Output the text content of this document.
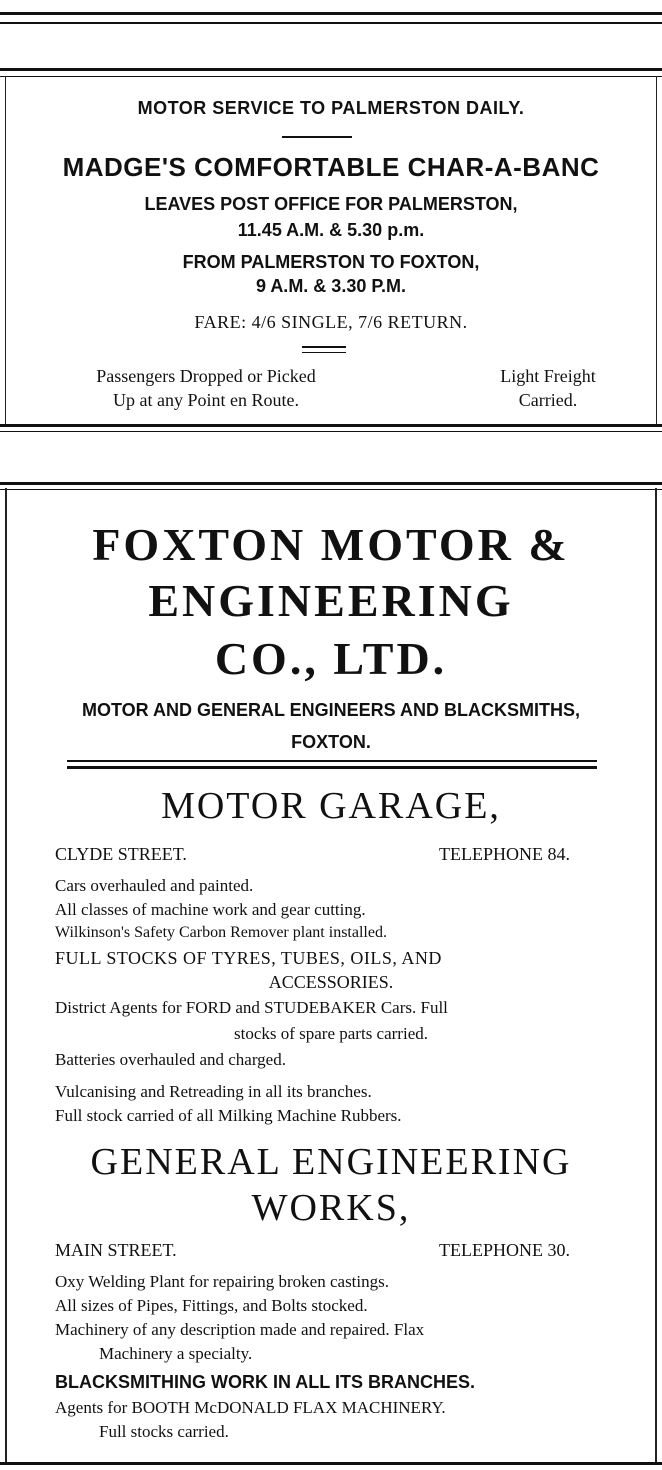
MOTOR SERVICE TO PALMERSTON DAILY.
MADGE'S COMFORTABLE CHAR-A-BANC
LEAVES POST OFFICE FOR PALMERSTON,
11.45 A.M. & 5.30 p.m.
FROM PALMERSTON TO FOXTON,
9 A.M. & 3.30 P.M.
FARE: 4/6 SINGLE, 7/6 RETURN.
Passengers Dropped or Picked
Up at any Point en Route.
Light Freight
Carried.
FOXTON MOTOR &
ENGINEERING
CO., LTD.
MOTOR AND GENERAL ENGINEERS AND BLACKSMITHS,
FOXTON.
MOTOR GARAGE,
CLYDE STREET.	TELEPHONE 84.
Cars overhauled and painted.
All classes of machine work and gear cutting.
Wilkinson's Safety Carbon Remover plant installed.
FULL STOCKS OF TYRES, TUBES, OILS, AND
ACCESSORIES.
District Agents for FORD and STUDEBAKER Cars. Full
stocks of spare parts carried.
Batteries overhauled and charged.
Vulcanising and Retreading in all its branches.
Full stock carried of all Milking Machine Rubbers.
GENERAL ENGINEERING
WORKS,
MAIN STREET.	TELEPHONE 30.
Oxy Welding Plant for repairing broken castings.
All sizes of Pipes, Fittings, and Bolts stocked.
Machinery of any description made and repaired. Flax
Machinery a specialty.
BLACKSMITHING WORK IN ALL ITS BRANCHES.
Agents for BOOTH McDONALD FLAX MACHINERY.
Full stocks carried.
